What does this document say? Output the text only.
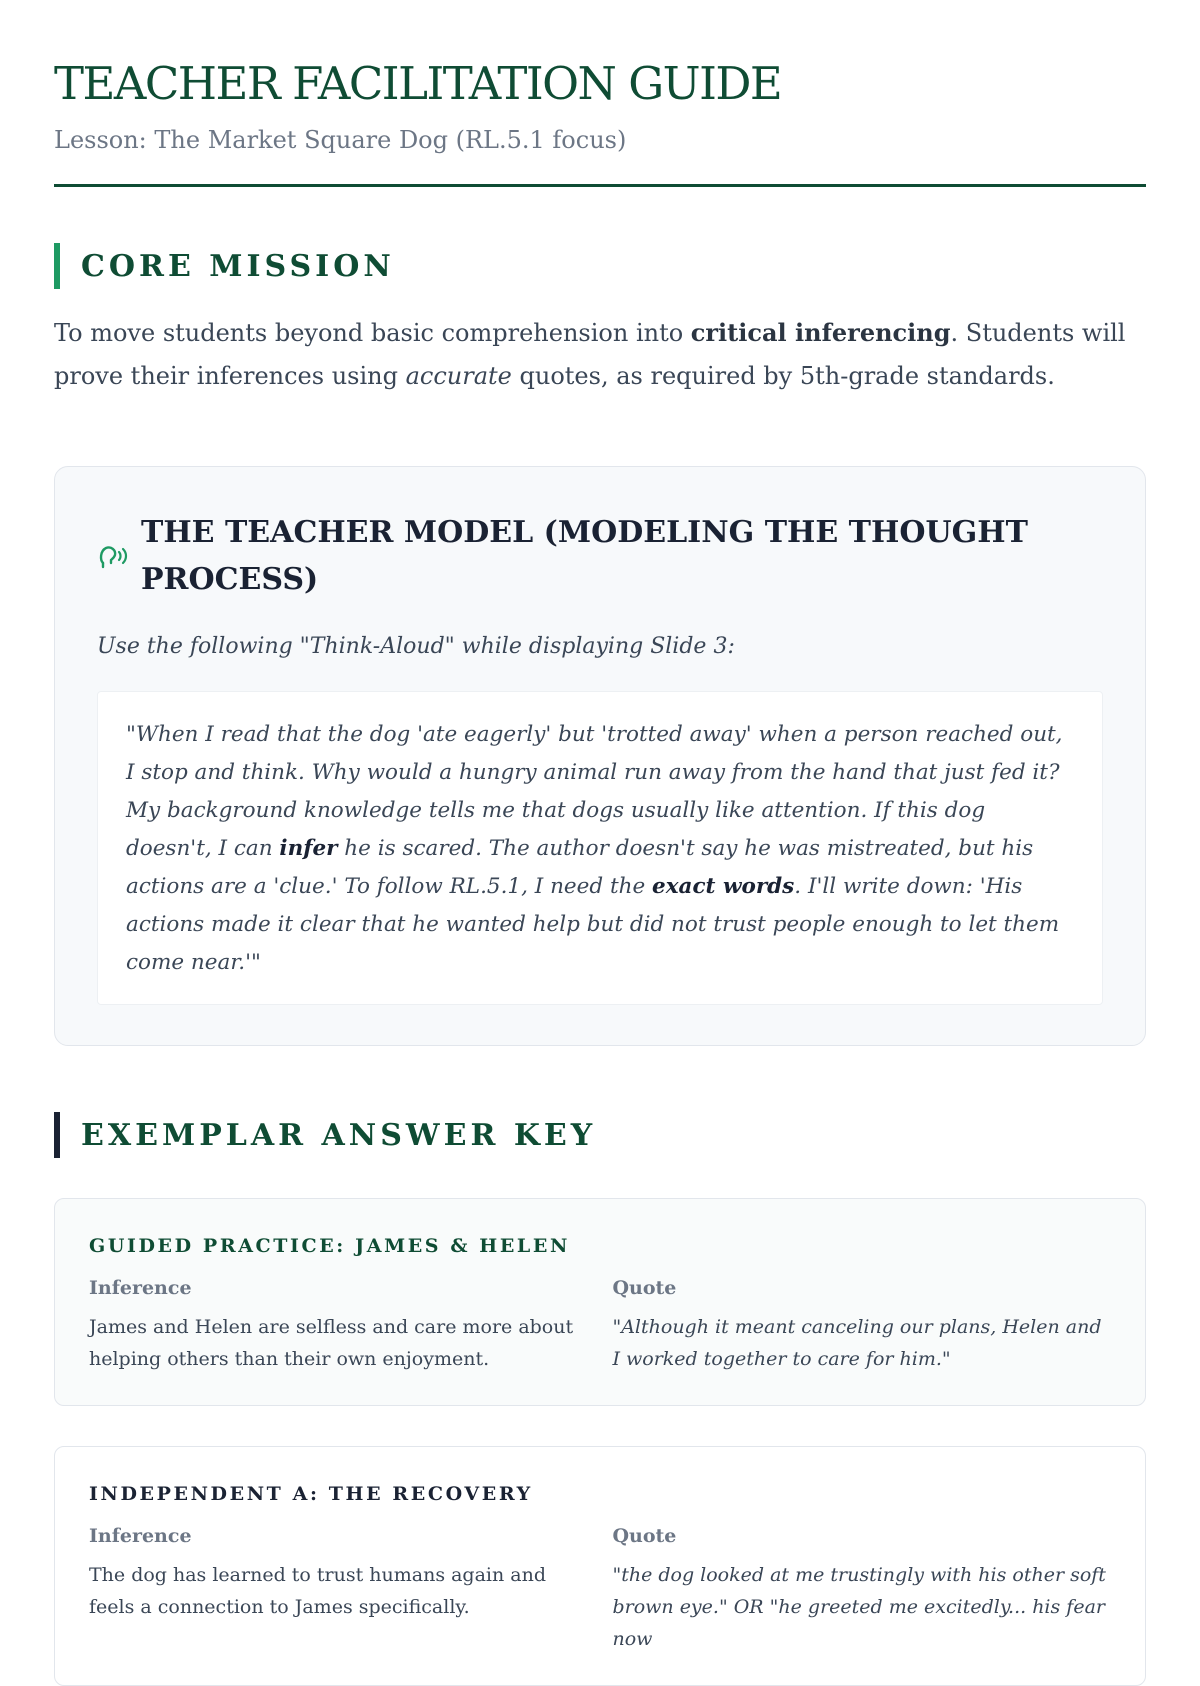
TEACHER FACILITATION GUIDE
Lesson: The Market Square Dog (RL.5.1 focus)
CORE MISSION

To move students beyond basic comprehension into critical inferencing. Students will prove their inferences using accurate quotes, as required by 5th-grade standards.

THE TEACHER MODEL (MODELING THE THOUGHT PROCESS)

Use the following "Think-Aloud" while displaying Slide 3:

"When I read that the dog 'ate eagerly' but 'trotted away' when a person reached out, I stop and think. Why would a hungry animal run away from the hand that just fed it? My background knowledge tells me that dogs usually like attention. If this dog doesn't, I can infer he is scared. The author doesn't say he was mistreated, but his actions are a 'clue.' To follow RL.5.1, I need the exact words. I'll write down: 'His actions made it clear that he wanted help but did not trust people enough to let them come near.'"
EXEMPLAR ANSWER KEY
GUIDED PRACTICE: JAMES & HELEN
Inference
James and Helen are selfless and care more about helping others than their own enjoyment.
Quote
"Although it meant canceling our plans, Helen and I worked together to care for him."
INDEPENDENT A: THE RECOVERY
Inference
The dog has learned to trust humans again and feels a connection to James specifically.
Quote
"the dog looked at me trustingly with his other soft brown eye." OR "he greeted me excitedly... his fear now
